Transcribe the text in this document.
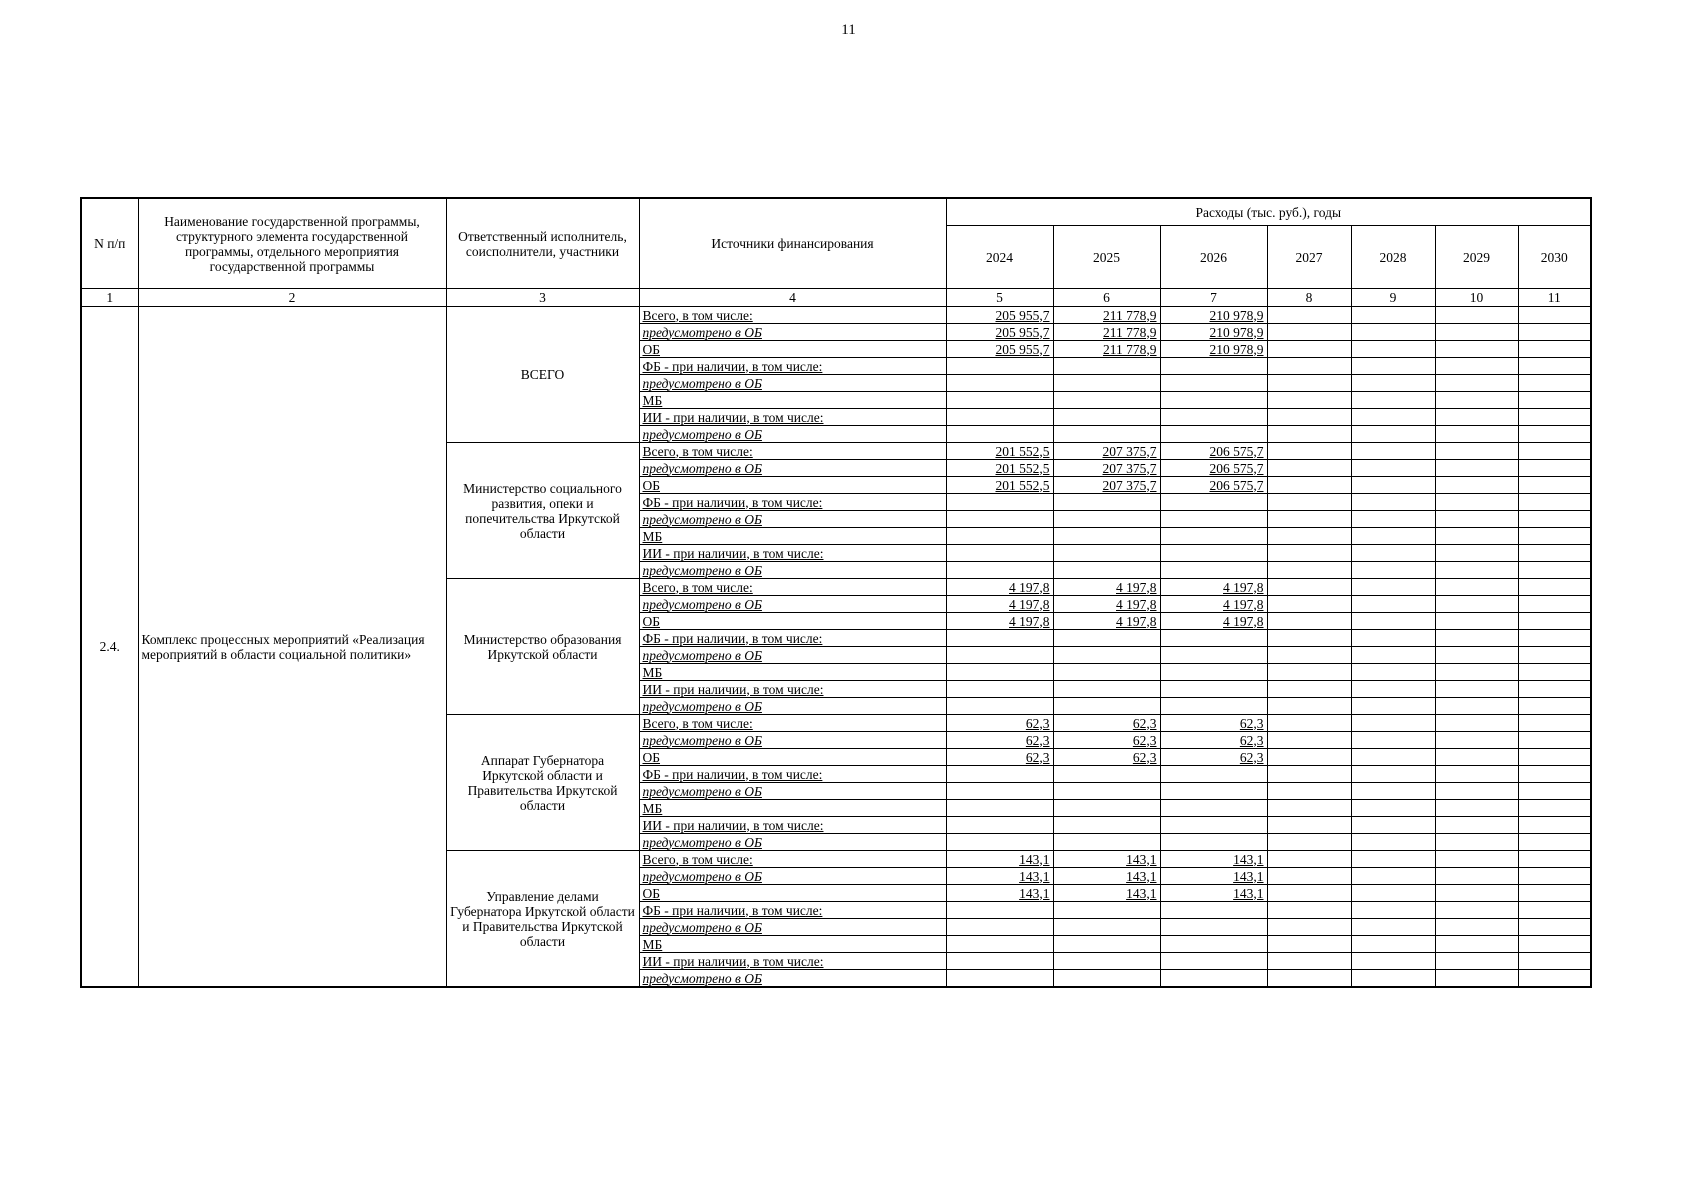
11
N п/п	Наименование государственной программы, структурного элемента государственной программы, отдельного мероприятия государственной программы	Ответственный исполнитель, соисполнители, участники	Источники финансирования	Расходы (тыс. руб.), годы						
				2024	2025	2026	2027	2028	2029	2030
1	2	3	4	5	6	7	8	9	10	11
2.4.	Комплекс процессных мероприятий «Реализация мероприятий в области социальной политики»	ВСЕГО	Всего, в том числе:	205 955,7	211 778,9	210 978,9				
			предусмотрено в ОБ	205 955,7	211 778,9	210 978,9				
			ОБ	205 955,7	211 778,9	210 978,9				
			ФБ - при наличии, в том числе:							
			предусмотрено в ОБ							
			МБ							
			ИИ - при наличии, в том числе:							
			предусмотрено в ОБ							
		Министерство социального развития, опеки и попечительства Иркутской области	Всего, в том числе:	201 552,5	207 375,7	206 575,7				
			предусмотрено в ОБ	201 552,5	207 375,7	206 575,7				
			ОБ	201 552,5	207 375,7	206 575,7				
			ФБ - при наличии, в том числе:							
			предусмотрено в ОБ							
			МБ							
			ИИ - при наличии, в том числе:							
			предусмотрено в ОБ							
		Министерство образования Иркутской области	Всего, в том числе:	4 197,8	4 197,8	4 197,8				
			предусмотрено в ОБ	4 197,8	4 197,8	4 197,8				
			ОБ	4 197,8	4 197,8	4 197,8				
			ФБ - при наличии, в том числе:							
			предусмотрено в ОБ							
			МБ							
			ИИ - при наличии, в том числе:							
			предусмотрено в ОБ							
		Аппарат Губернатора Иркутской области и Правительства Иркутской области	Всего, в том числе:	62,3	62,3	62,3				
			предусмотрено в ОБ	62,3	62,3	62,3				
			ОБ	62,3	62,3	62,3				
			ФБ - при наличии, в том числе:							
			предусмотрено в ОБ							
			МБ							
			ИИ - при наличии, в том числе:							
			предусмотрено в ОБ							
		Управление делами Губернатора Иркутской области и Правительства Иркутской области	Всего, в том числе:	143,1	143,1	143,1				
			предусмотрено в ОБ	143,1	143,1	143,1				
			ОБ	143,1	143,1	143,1				
			ФБ - при наличии, в том числе:							
			предусмотрено в ОБ							
			МБ							
			ИИ - при наличии, в том числе:							
			предусмотрено в ОБ							
